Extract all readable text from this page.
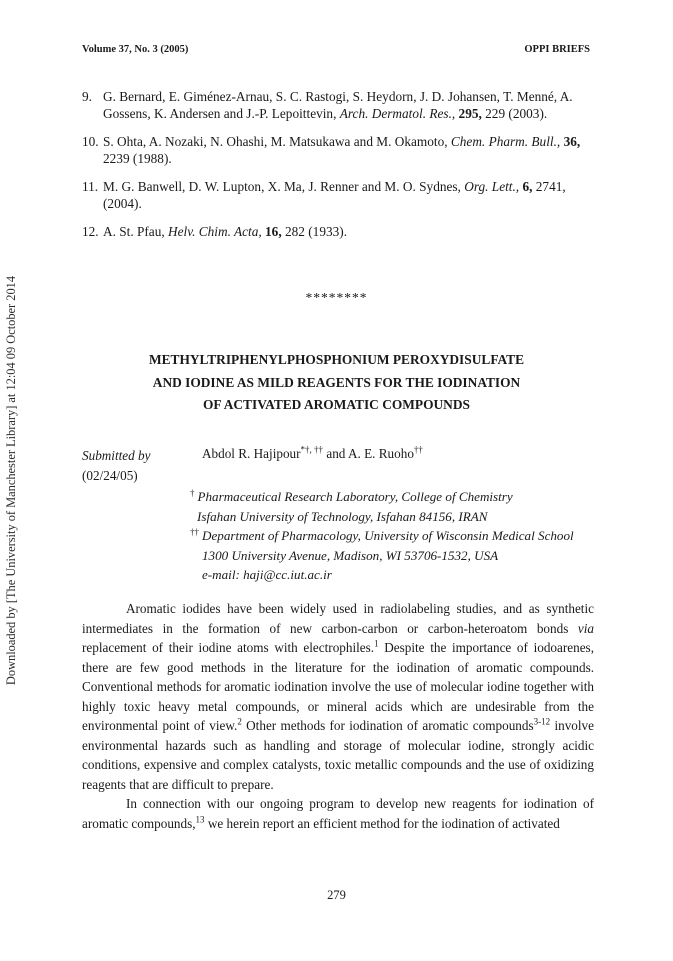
Downloaded by [The University of Manchester Library] at 12:04 09 October 2014
Volume 37, No. 3 (2005)	OPPI BRIEFS
9. G. Bernard, E. Giménez-Arnau, S. C. Rastogi, S. Heydorn, J. D. Johansen, T. Menné, A. Gossens, K. Andersen and J.-P. Lepoittevin, Arch. Dermatol. Res., 295, 229 (2003).
10. S. Ohta, A. Nozaki, N. Ohashi, M. Matsukawa and M. Okamoto, Chem. Pharm. Bull., 36, 2239 (1988).
11. M. G. Banwell, D. W. Lupton, X. Ma, J. Renner and M. O. Sydnes, Org. Lett., 6, 2741, (2004).
12. A. St. Pfau, Helv. Chim. Acta, 16, 282 (1933).
********
METHYLTRIPHENYLPHOSPHONIUM PEROXYDISULFATE
AND IODINE AS MILD REAGENTS FOR THE IODINATION
OF ACTIVATED AROMATIC COMPOUNDS
Submitted by
(02/24/05)
Abdol R. Hajipour*†, †† and A. E. Ruoho††
† Pharmaceutical Research Laboratory, College of Chemistry
Isfahan University of Technology, Isfahan 84156, IRAN
†† Department of Pharmacology, University of Wisconsin Medical School
1300 University Avenue, Madison, WI 53706-1532, USA
e-mail: haji@cc.iut.ac.ir

Aromatic iodides have been widely used in radiolabeling studies, and as synthetic intermediates in the formation of new carbon-carbon or carbon-heteroatom bonds via replacement of their iodine atoms with electrophiles.$^1$ Despite the importance of iodoarenes, there are few good methods in the literature for the iodination of aromatic compounds. Conventional methods for aromatic iodination involve the use of molecular iodine together with highly toxic heavy metal compounds, or mineral acids which are undesirable from the environmental point of view.$^2$ Other methods for iodination of aromatic compounds$^{3-12}$ involve environmental hazards such as handling and storage of molecular iodine, strongly acidic conditions, expensive and complex catalysts, toxic metallic compounds and the use of oxidizing reagents that are difficult to prepare.

In connection with our ongoing program to develop new reagents for iodination of aromatic compounds,$^{13}$ we herein report an efficient method for the iodination of activated

279
